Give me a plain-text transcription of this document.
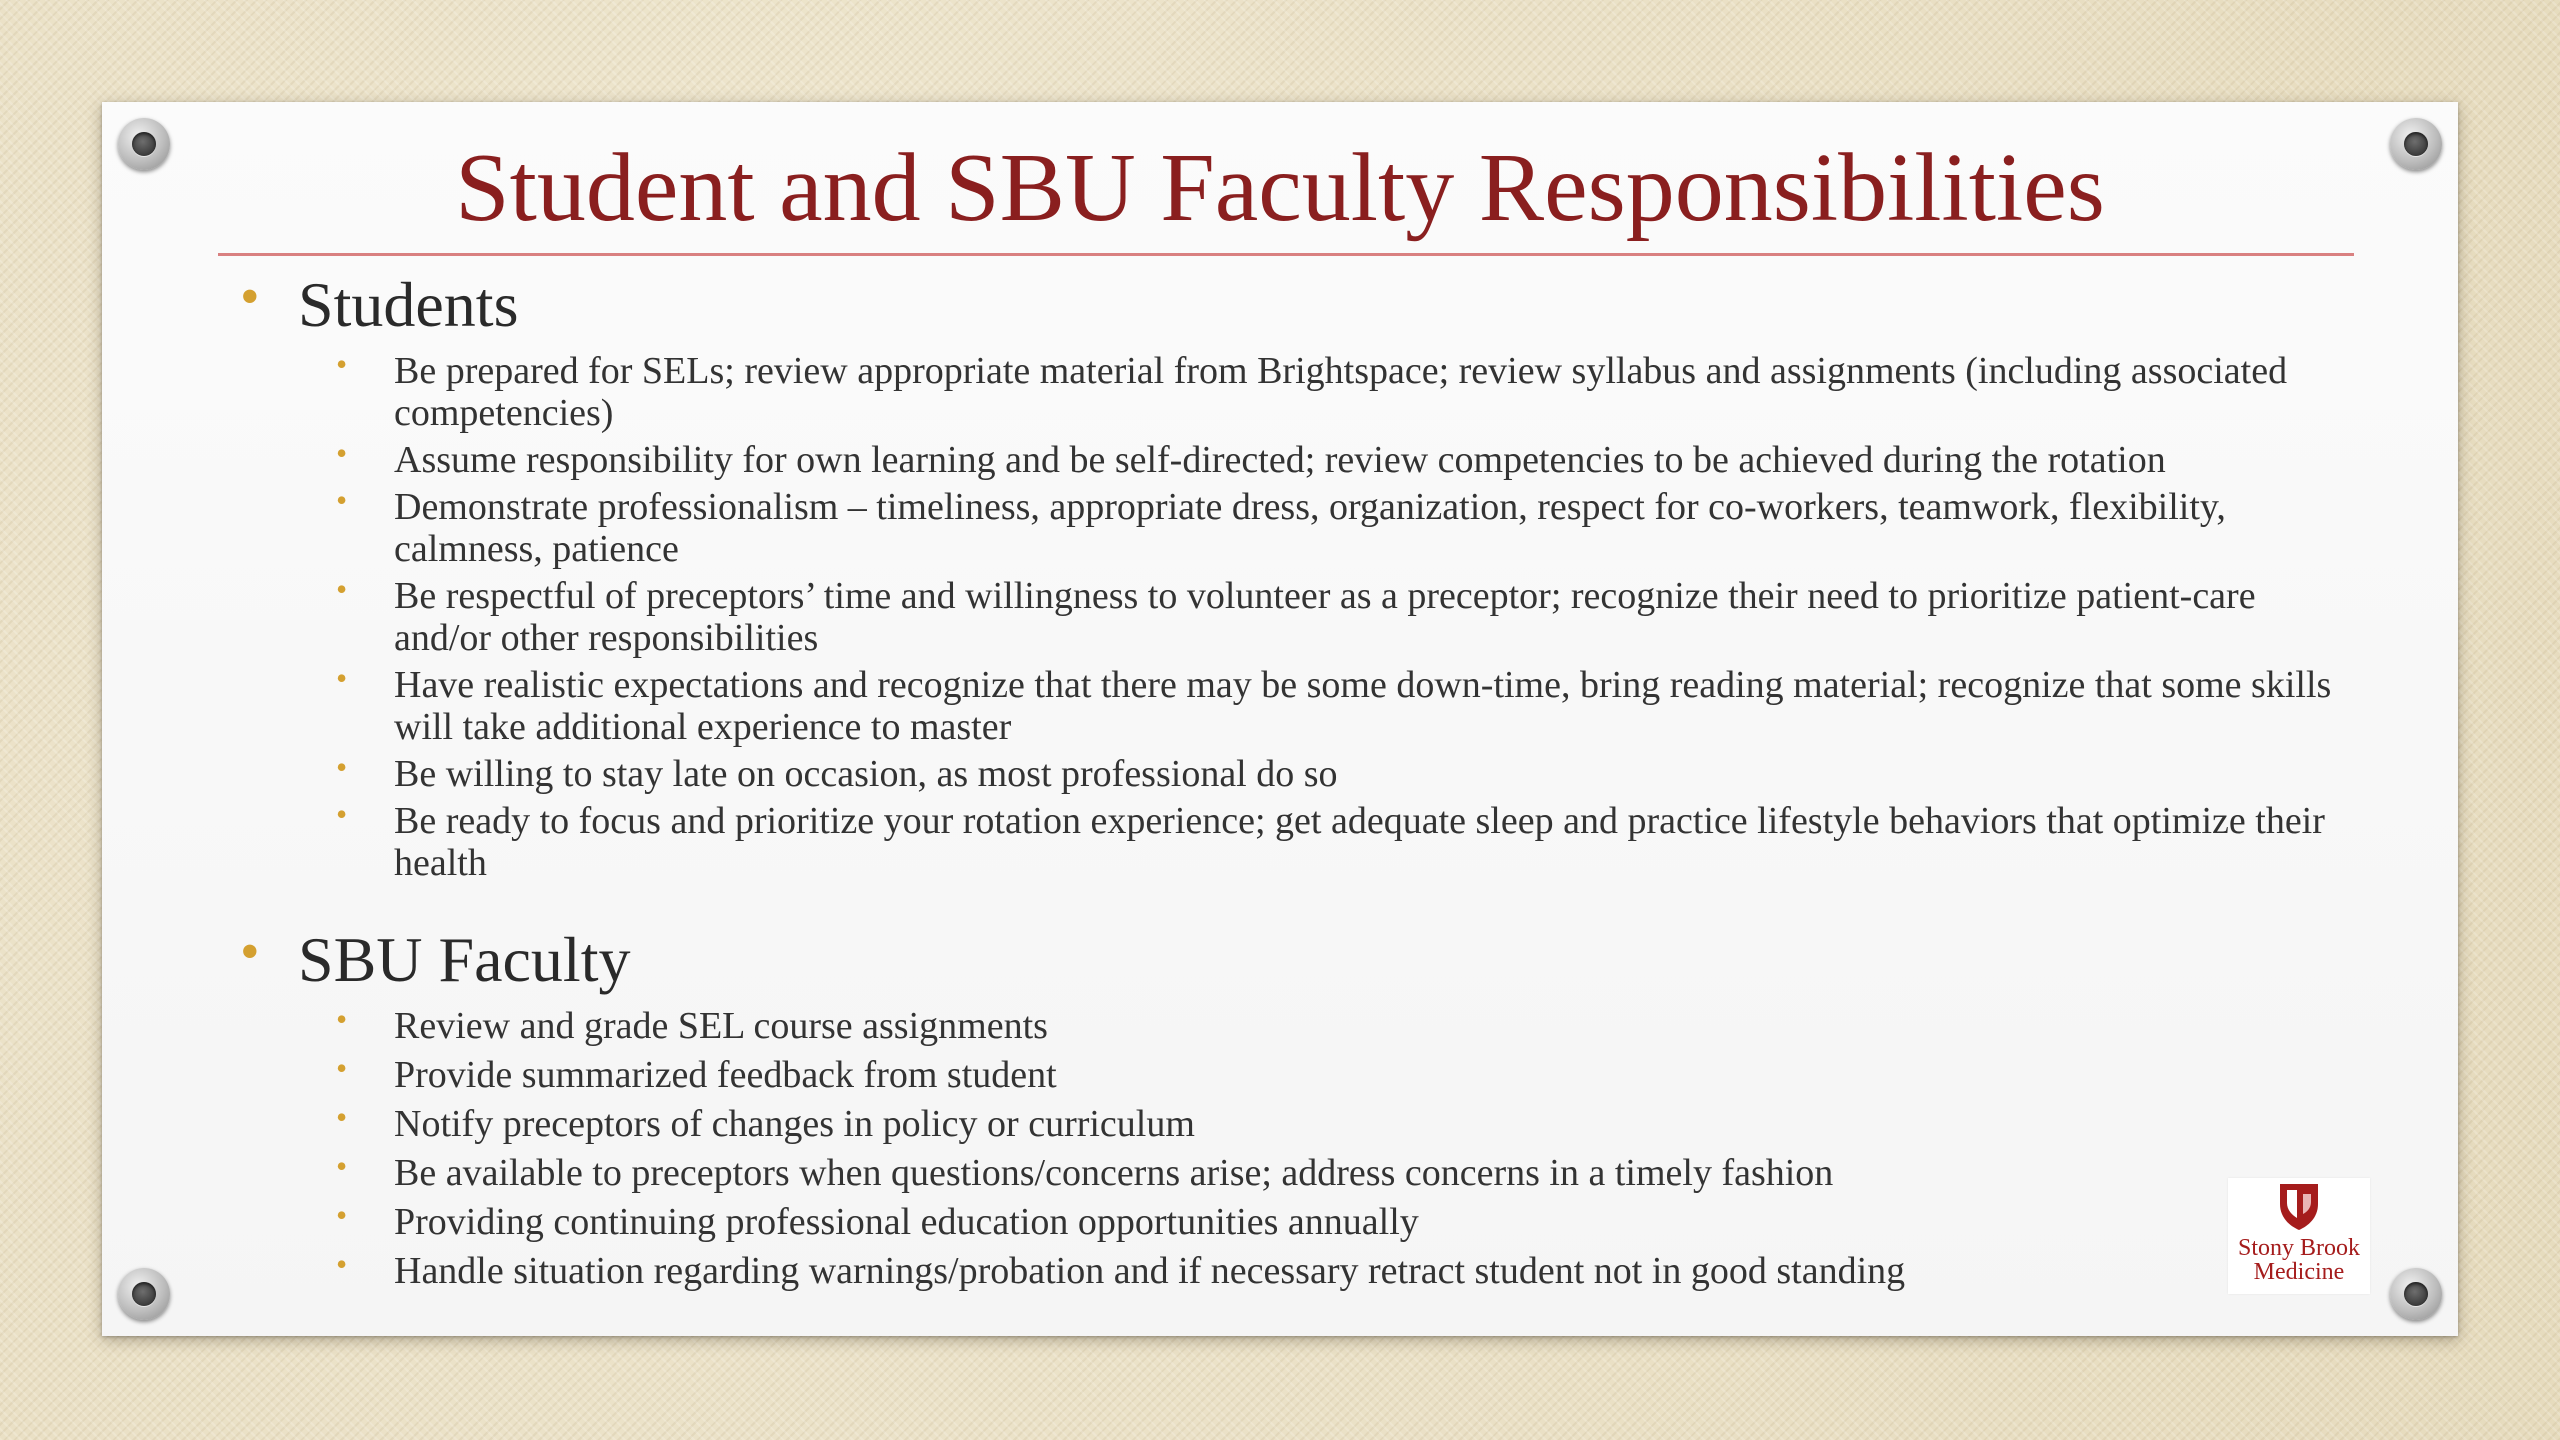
Student and SBU Faculty Responsibilities
• Students
• Be prepared for SELs; review appropriate material from Brightspace; review syllabus and assignments (including associated competencies)
• Assume responsibility for own learning and be self-directed; review competencies to be achieved during the rotation
• Demonstrate professionalism – timeliness, appropriate dress, organization, respect for co-workers, teamwork, flexibility, calmness, patience
• Be respectful of preceptors’ time and willingness to volunteer as a preceptor; recognize their need to prioritize patient-care and/or other responsibilities
• Have realistic expectations and recognize that there may be some down-time, bring reading material; recognize that some skills will take additional experience to master
• Be willing to stay late on occasion, as most professional do so
• Be ready to focus and prioritize your rotation experience; get adequate sleep and practice lifestyle behaviors that optimize their health
• SBU Faculty
• Review and grade SEL course assignments
• Provide summarized feedback from student
• Notify preceptors of changes in policy or curriculum
• Be available to preceptors when questions/concerns arise; address concerns in a timely fashion
• Providing continuing professional education opportunities annually
• Handle situation regarding warnings/probation and if necessary retract student not in good standing
Stony Brook
Medicine
